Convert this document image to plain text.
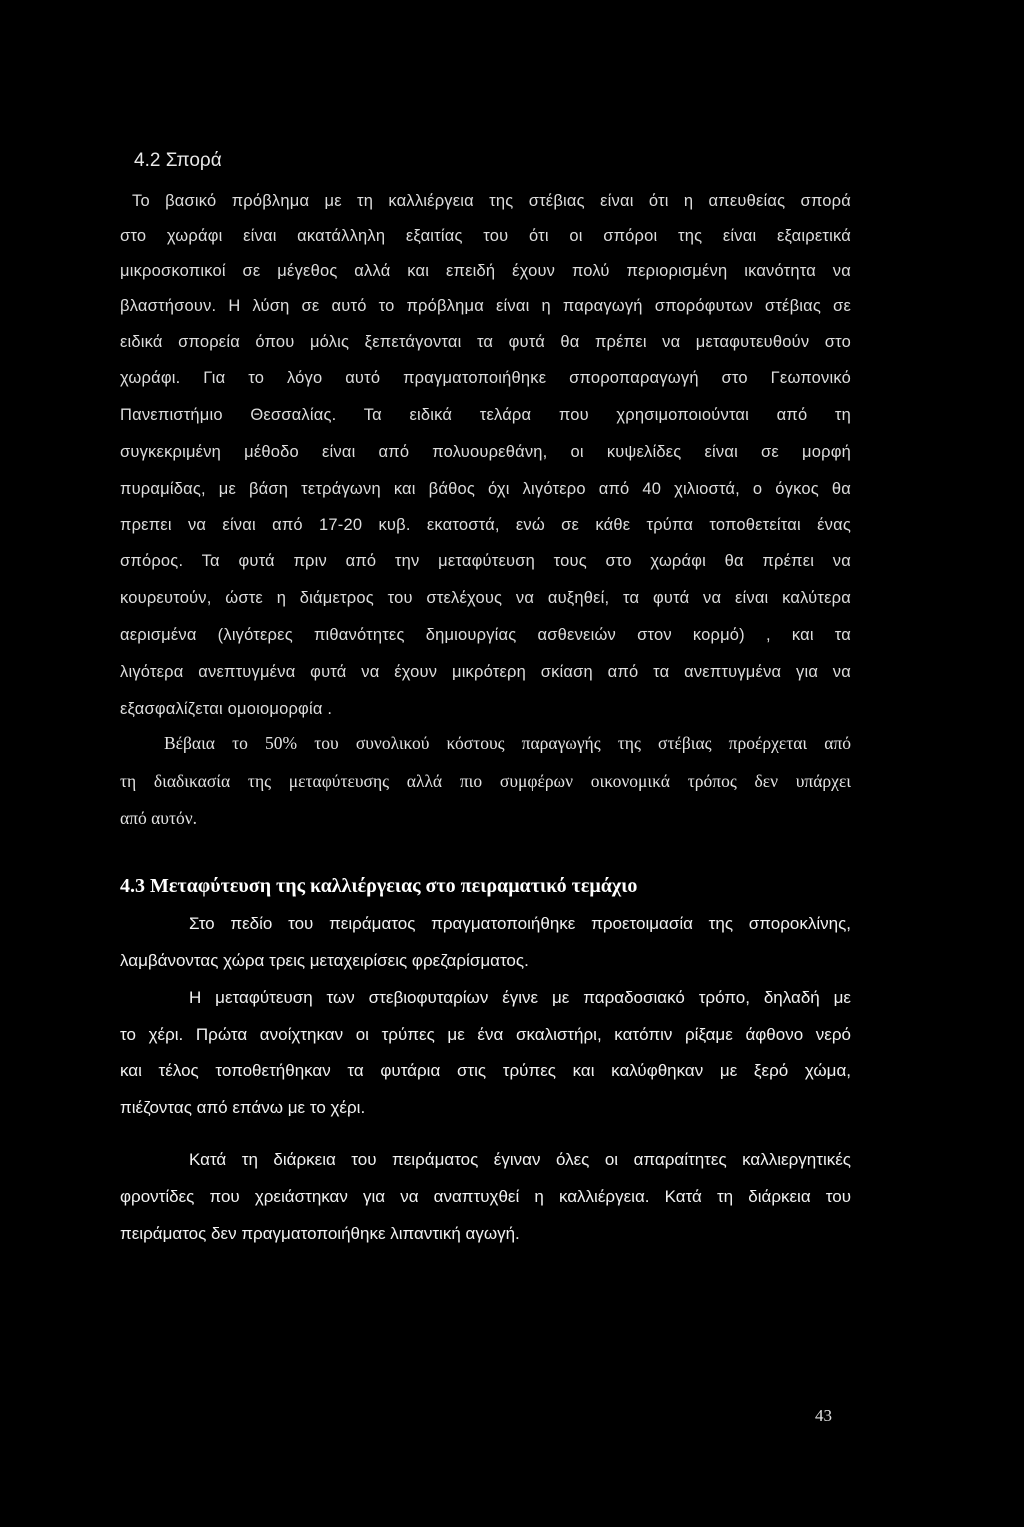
4.2 Σπορά
Το βασικό πρόβλημα με τη καλλιέργεια της στέβιας είναι ότι η απευθείας σπορά
στο χωράφι είναι ακατάλληλη εξαιτίας του ότι οι σπόροι της είναι εξαιρετικά
μικροσκοπικοί σε μέγεθος αλλά και επειδή έχουν πολύ περιορισμένη ικανότητα να
βλαστήσουν. Η λύση σε αυτό το πρόβλημα είναι η παραγωγή σπορόφυτων στέβιας σε
ειδικά σπορεία όπου μόλις ξεπετάγονται τα φυτά θα πρέπει να μεταφυτευθούν στο
χωράφι. Για το λόγο αυτό πραγματοποιήθηκε σποροπαραγωγή στο Γεωπονικό
Πανεπιστήμιο Θεσσαλίας. Τα ειδικά τελάρα που χρησιμοποιούνται από τη
συγκεκριμένη μέθοδο είναι από πολυουρεθάνη, οι κυψελίδες είναι σε μορφή
πυραμίδας, με βάση τετράγωνη και βάθος όχι λιγότερο από 40 χιλιοστά, ο όγκος θα
πρεπει να είναι από 17-20 κυβ. εκατοστά, ενώ σε κάθε τρύπα τοποθετείται ένας
σπόρος. Τα φυτά πριν από την μεταφύτευση τους στο χωράφι θα πρέπει να
κουρευτούν, ώστε η διάμετρος του στελέχους να αυξηθεί, τα φυτά να είναι καλύτερα
αερισμένα (λιγότερες πιθανότητες δημιουργίας ασθενειών στον κορμό) , και τα
λιγότερα ανεπτυγμένα φυτά να έχουν μικρότερη σκίαση από τα ανεπτυγμένα για να
εξασφαλίζεται ομοιομορφία .
Βέβαια το 50% του συνολικού κόστους παραγωγής της στέβιας προέρχεται από
τη διαδικασία της μεταφύτευσης αλλά πιο συμφέρων οικονομικά τρόπος δεν υπάρχει
από αυτόν.
4.3 Μεταφύτευση της καλλιέργειας στο πειραματικό τεμάχιο
Στο πεδίο του πειράματος πραγματοποιήθηκε προετοιμασία της σποροκλίνης,
λαμβάνοντας χώρα τρεις μεταχειρίσεις φρεζαρίσματος.
Η μεταφύτευση των στεβιοφυταρίων έγινε με παραδοσιακό τρόπο, δηλαδή με
το χέρι. Πρώτα ανοίχτηκαν οι τρύπες με ένα σκαλιστήρι, κατόπιν ρίξαμε άφθονο νερό
και τέλος τοποθετήθηκαν τα φυτάρια στις τρύπες και καλύφθηκαν με ξερό χώμα,
πιέζοντας από επάνω με το χέρι.
Κατά τη διάρκεια του πειράματος έγιναν όλες οι απαραίτητες καλλιεργητικές
φροντίδες που χρειάστηκαν για να αναπτυχθεί η καλλιέργεια. Κατά τη διάρκεια του
πειράματος δεν πραγματοποιήθηκε λιπαντική αγωγή.
43
